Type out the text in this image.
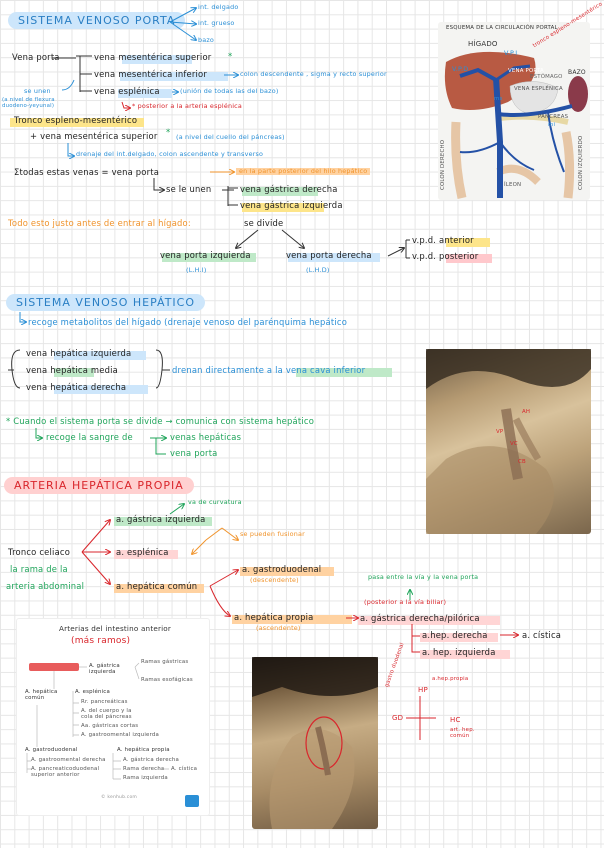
SISTEMA VENOSO PORTA
int. delgado
int. grueso
bazo
Vena porta	vena mesentérica superior *
vena mesentérica inferior	colon descendente , sigma y recto superior
se unen
(a nivel de flexura duodeno-yeyunal)
vena esplénica	(unión de todas las del bazo)
* posterior a la arteria esplénica
Tronco espleno-mesentérico
+ vena mesentérica superior * (a nivel del cuello del páncreas)
drenaje del int.delgado, colon ascendente y transverso
Σtodas estas venas = vena porta	en la parte posterior del hilo hepático
se le unen	vena gástrica derecha
vena gástrica izquierda
Todo esto justo antes de entrar al hígado:	se divide
vena porta izquierda
(L.H.I)
vena porta derecha
(L.H.D)
v.p.d. anterior
v.p.d. posterior
ESQUEMA DE LA CIRCULACIÓN PORTAL
HÍGADO
V.P.D
V.P.I
VENA PORTA
tronco espleno-mesentérico
ESTÓMAGO
BAZO
VENA ESPLÉNICA
PÁNCREAS
COLON DERECHO	COLON IZQUIERDO
ÍLEON
ms
mi
SISTEMA VENOSO HEPÁTICO
recoge metabolitos del hígado (drenaje venoso del parénquima hepático
vena hepática izquierda
vena hepática media
vena hepática derecha
drenan directamente a la vena cava inferior
* Cuando el sistema porta se divide → comunica con sistema hepático
recoge la sangre de	venas hepáticas
vena porta
AH
VP
VC
CB
ARTERIA HEPÁTICA PROPIA
va de curvatura
a. gástrica izquierda
se pueden fusionar
Tronco celiaco
la rama de la
arteria abdominal
a. esplénica
a. hepática común
a. gastroduodenal
(descendente)
a. hepática propia
(ascendente)
pasa entre la vía y la vena porta
(posterior a la vía biliar)
a. gástrica derecha/pilórica
a.hep. derecha	a. cística
a. hep. izquierda
Arterias del intestino anterior
(más ramos)
A. gástrica izquierda
Ramas gástricas
Ramas esofágicas
A. hepática común
A. esplénica
Rr. pancreáticas
A. del cuerpo y la cola del páncreas
Aa. gástricas cortas
A. gastroomental izquierda
A. gastroduodenal
A. gastroomental derecha
A. pancreaticoduodenal superior anterior
A. hepática propia
A. gástrica derecha
Rama derecha
Rama izquierda
A. cística
© kenhub.com
gastro duodenal
HP
a.hep.propia
GD	HC
art. hep. común
